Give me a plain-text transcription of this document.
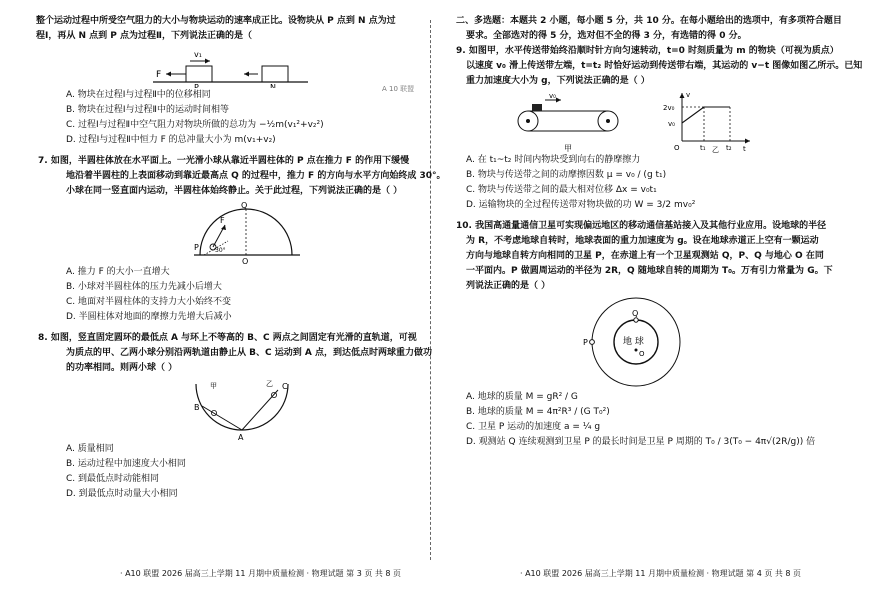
A 10 联盟
整个运动过程中所受空气阻力的大小与物块运动的速率成正比。设物块从 P 点到 N 点为过
程Ⅰ，再从 N 点到 P 点为过程Ⅱ，下列说法正确的是（
F
v₁
P	N
A. 物块在过程Ⅰ与过程Ⅱ中的位移相同
B. 物块在过程Ⅰ与过程Ⅱ中的运动时间相等
C. 过程Ⅰ与过程Ⅱ中空气阻力对物块所做的总功为 −½m(v₁²+v₂²)
D. 过程Ⅰ与过程Ⅱ中恒力 F 的总冲量大小为 m(v₁+v₂)
7. 如图，半圆柱体放在水平面上。一光滑小球从靠近半圆柱体的 P 点在推力 F 的作用下缓慢
地沿着半圆柱的上表面移动到靠近最高点 Q 的过程中，推力 F 的方向与水平方向始终成 30°。
小球在同一竖直面内运动，半圆柱体始终静止。关于此过程，下列说法正确的是（ ）
Q
F
P	30°
O
A. 推力 F 的大小一直增大
B. 小球对半圆柱体的压力先减小后增大
C. 地面对半圆柱体的支持力大小始终不变
D. 半圆柱体对地面的摩擦力先增大后减小
8. 如图，竖直固定圆环的最低点 A 与环上不等高的 B、C 两点之间固定有光滑的直轨道，可视
为质点的甲、乙两小球分别沿两轨道由静止从 B、C 运动到 A 点，到达低点时两球重力做功
的功率相同。则两小球（ ）
甲	乙
B
C
A
A. 质量相同
B. 运动过程中加速度大小相同
C. 到最低点时动能相同
D. 到最低点时动量大小相同
二、多选题：本题共 2 小题，每小题 5 分，共 10 分。在每小题给出的选项中，有多项符合题目
要求。全部选对的得 5 分，选对但不全的得 3 分，有选错的得 0 分。
9. 如图甲，水平传送带始终沿顺时针方向匀速转动，t=0 时刻质量为 m 的物块（可视为质点）
以速度 v₀ 滑上传送带左端，t=t₂ 时恰好运动到传送带右端，其运动的 v−t 图像如图乙所示。已知
重力加速度大小为 g，下列说法正确的是（ ）
v₀
甲
v
t
O
2v₀
v₀
t₁	t₂
乙
A. 在 t₁~t₂ 时间内物块受到向右的静摩擦力
B. 物块与传送带之间的动摩擦因数 μ = v₀ / (g t₁)
C. 物块与传送带之间的最大相对位移 Δx = v₀t₁
D. 运输物块的全过程传送带对物块做的功 W = 3/2 mv₀²
10. 我国高通量通信卫星可实现偏远地区的移动通信基站接入及其他行业应用。设地球的半径
为 R，不考虑地球自转时，地球表面的重力加速度为 g。设在地球赤道正上空有一颗运动
方向与地球自转方向相同的卫星 P，在赤道上有一个卫星观测站 Q，P、Q 与地心 O 在同
一平面内。P 做圆周运动的半径为 2R，Q 随地球自转的周期为 T₀。万有引力常量为 G。下
列说法正确的是（ ）
Q
P	地 球
O
A. 地球的质量 M = gR² / G
B. 地球的质量 M = 4π²R³ / (G T₀²)
C. 卫星 P 运动的加速度 a = ¼ g
D. 观测站 Q 连续观测到卫星 P 的最长时间是卫星 P 周期的 T₀ / 3(T₀ − 4π√(2R/g)) 倍
· A10 联盟 2026 届高三上学期 11 月期中质量检测 · 物理试题 第 3 页 共 8 页	· A10 联盟 2026 届高三上学期 11 月期中质量检测 · 物理试题 第 4 页 共 8 页
